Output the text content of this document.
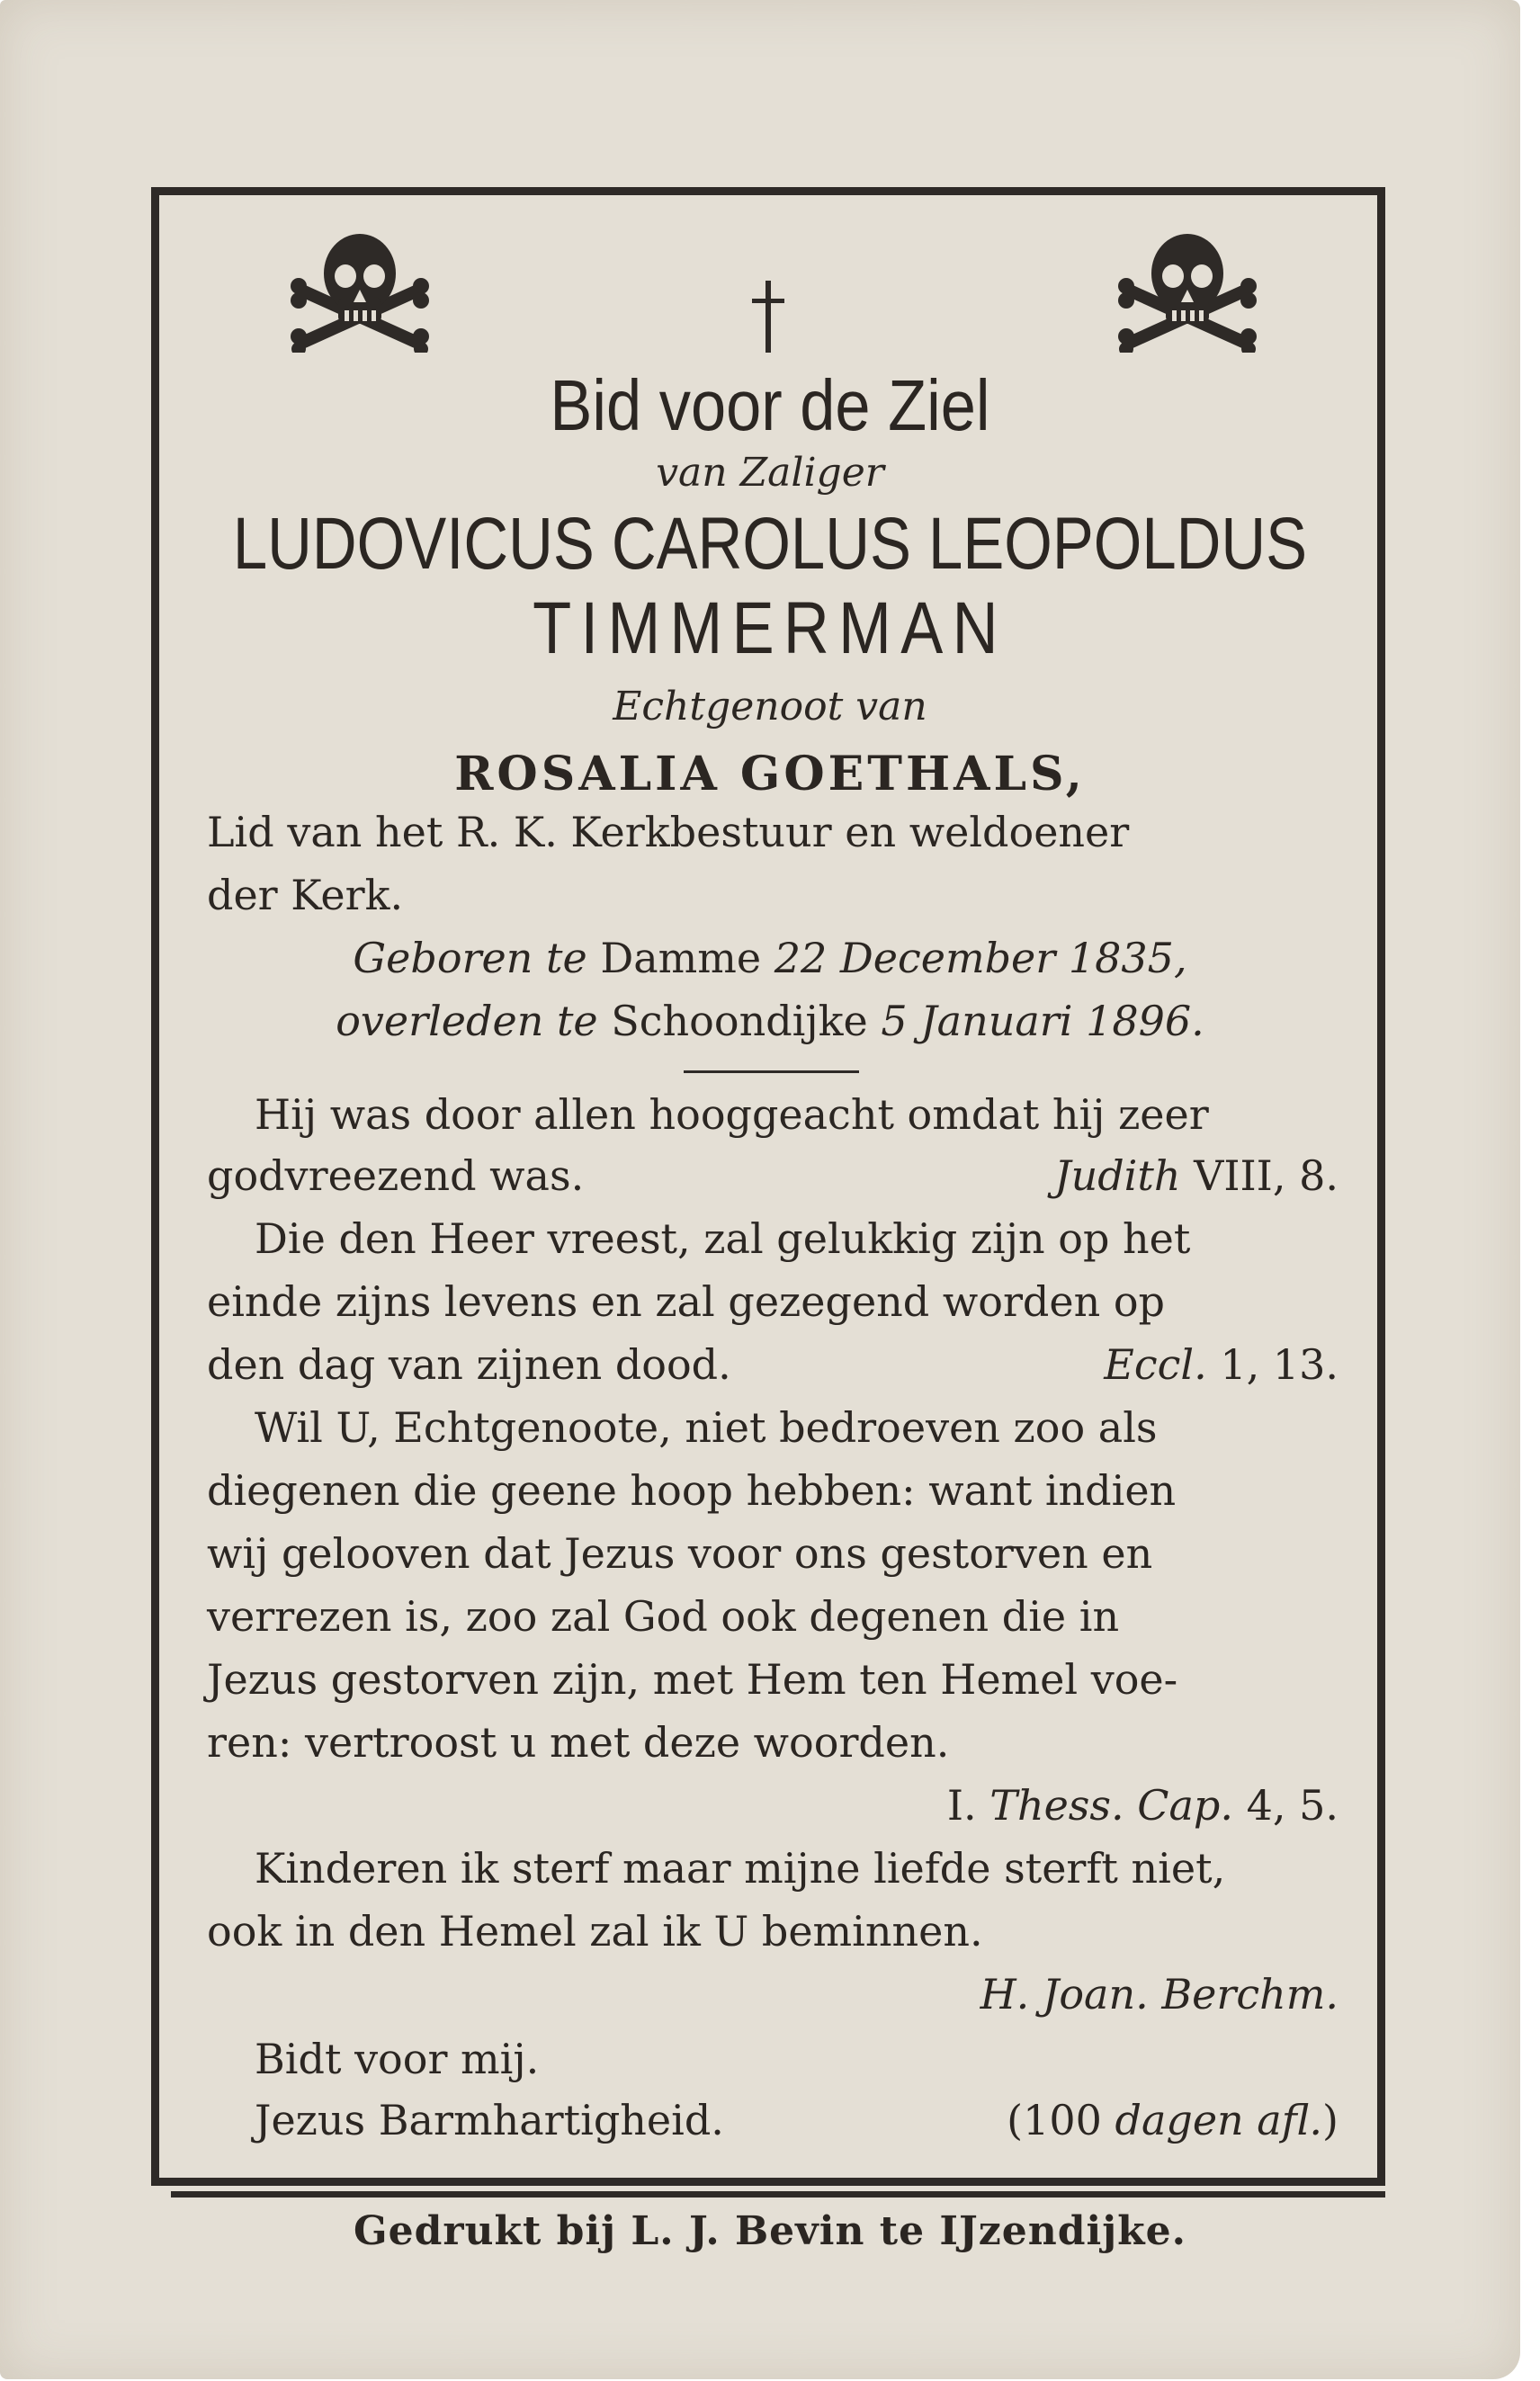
Bid voor de Ziel
van Zaliger
LUDOVICUS CAROLUS LEOPOLDUS
TIMMERMAN
Echtgenoot van
ROSALIA GOETHALS,
Lid van het R. K. Kerkbestuur en weldoener
der Kerk.
Geboren te Damme 22 December 1835,
overleden te Schoondijke 5 Januari 1896.
Hij was door allen hooggeacht omdat hij zeer
godvreezend was.	Judith VIII, 8.
Die den Heer vreest, zal gelukkig zijn op het
einde zijns levens en zal gezegend worden op
den dag van zijnen dood.	Eccl. 1, 13.
Wil U, Echtgenoote, niet bedroeven zoo als
diegenen die geene hoop hebben: want indien
wij gelooven dat Jezus voor ons gestorven en
verrezen is, zoo zal God ook degenen die in
Jezus gestorven zijn, met Hem ten Hemel voe-
ren: vertroost u met deze woorden.
I. Thess. Cap. 4, 5.
Kinderen ik sterf maar mijne liefde sterft niet,
ook in den Hemel zal ik U beminnen.
H. Joan. Berchm.
Bidt voor mij.
Jezus Barmhartigheid.	(100 dagen afl.)
Gedrukt bij L. J. Bevin te IJzendijke.
